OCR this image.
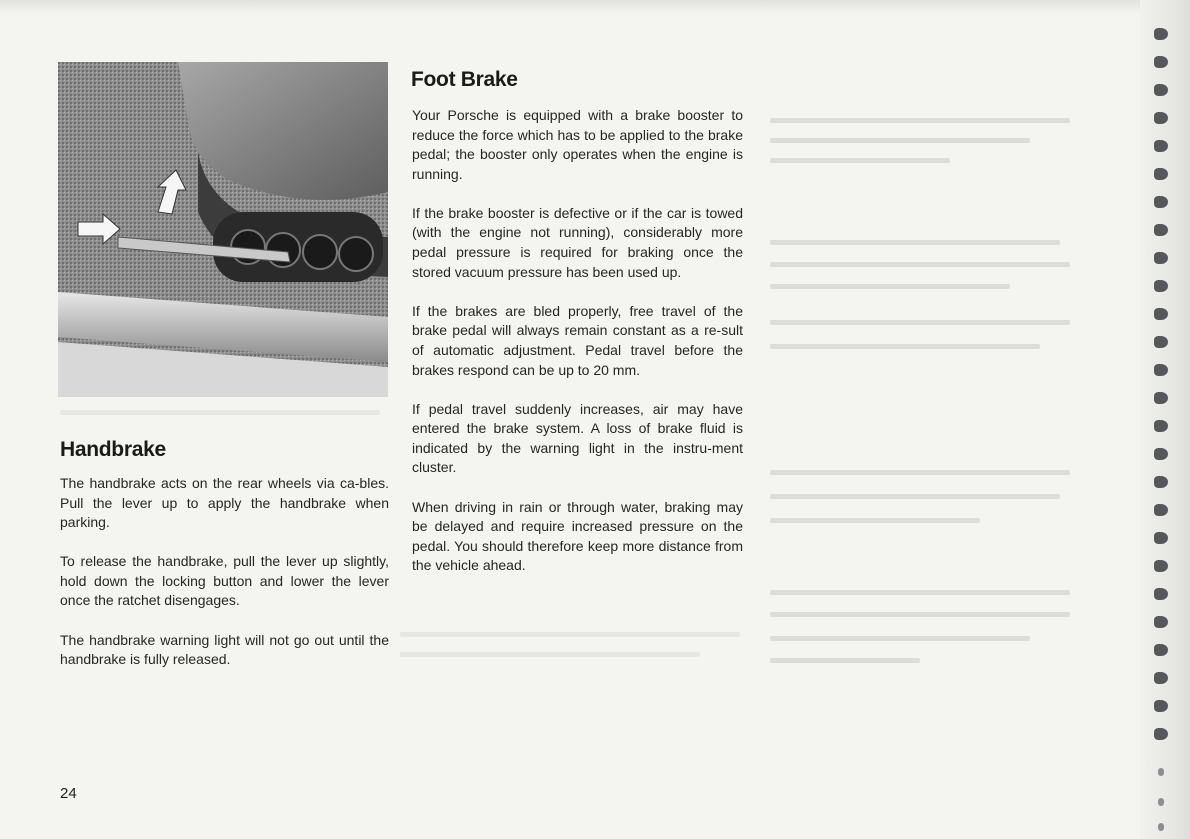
Handbrake

The handbrake acts on the rear wheels via ca-bles. Pull the lever up to apply the handbrake when parking.

To release the handbrake, pull the lever up slightly, hold down the locking button and lower the lever once the ratchet disengages.

The handbrake warning light will not go out until the handbrake is fully released.

Foot Brake

Your Porsche is equipped with a brake booster to reduce the force which has to be applied to the brake pedal; the booster only operates when the engine is running.

If the brake booster is defective or if the car is towed (with the engine not running), considerably more pedal pressure is required for braking once the stored vacuum pressure has been used up.

If the brakes are bled properly, free travel of the brake pedal will always remain constant as a re-sult of automatic adjustment. Pedal travel before the brakes respond can be up to 20 mm.

If pedal travel suddenly increases, air may have entered the brake system. A loss of brake fluid is indicated by the warning light in the instru-ment cluster.

When driving in rain or through water, braking may be delayed and require increased pressure on the pedal. You should therefore keep more distance from the vehicle ahead.

24
